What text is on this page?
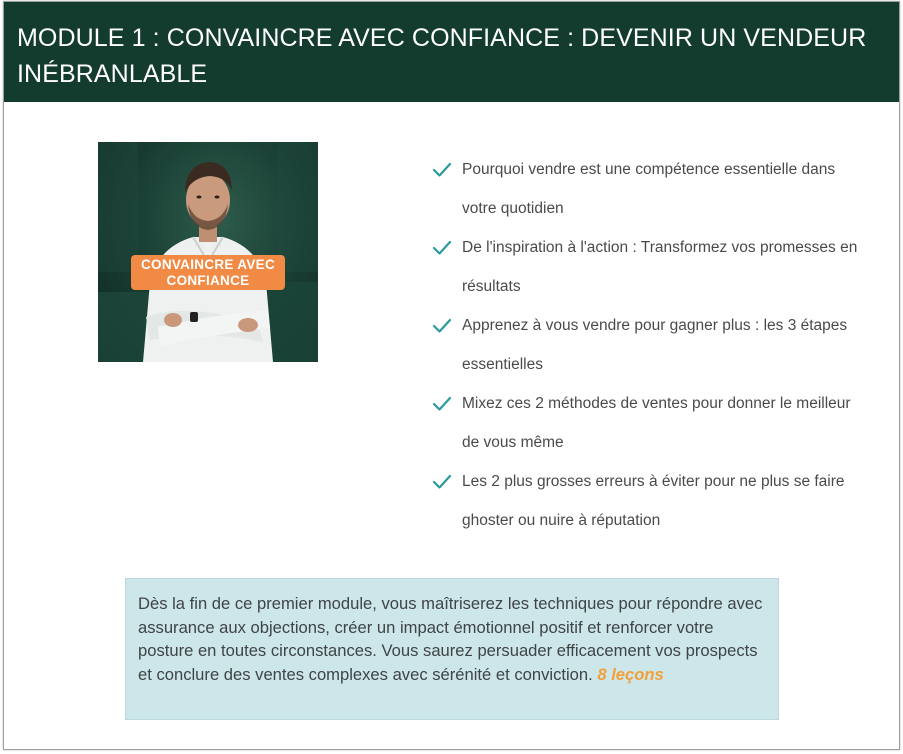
MODULE 1 : CONVAINCRE AVEC CONFIANCE : DEVENIR UN VENDEUR INÉBRANLABLE
CONVAINCRE AVEC
CONFIANCE
Pourquoi vendre est une compétence essentielle dans votre quotidien
De l'inspiration à l'action : Transformez vos promesses en résultats
Apprenez à vous vendre pour gagner plus : les 3 étapes essentielles
Mixez ces 2 méthodes de ventes pour donner le meilleur de vous même
Les 2 plus grosses erreurs à éviter pour ne plus se faire ghoster ou nuire à réputation
Dès la fin de ce premier module, vous maîtriserez les techniques pour répondre avec assurance aux objections, créer un impact émotionnel positif et renforcer votre posture en toutes circonstances. Vous saurez persuader efficacement vos prospects et conclure des ventes complexes avec sérénité et conviction. 8 leçons
